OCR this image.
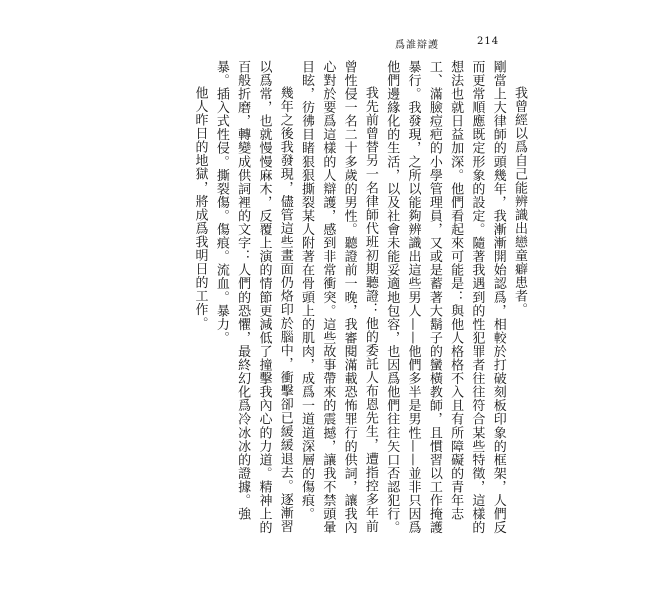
爲誰辯護	214

我曾經以爲自己能辨識出戀童癖患者。

剛當上大律師的頭幾年，我漸漸開始認爲，相較於打破刻板印象的框架，人們反而更常順應既定形象的設定。隨著我遇到的性犯罪者往往符合某些特徵，這樣的想法也就日益加深。他們看起來可能是：與他人格格不入且有所障礙的青年志工、滿臉痘疤的小學管理員，又或是蓄著大鬍子的蠻橫教師，且慣習以工作掩護暴行。我發現，之所以能夠辨識出這些男人——他們多半是男性——並非只因爲他們邊緣化的生活，以及社會未能妥適地包容，也因爲他們往往矢口否認犯行。

我先前曾替另一名律師代班初期聽證：他的委託人布恩先生，遭指控多年前曾性侵一名二十多歲的男性。聽證前一晚，我審閱滿載恐怖罪行的供詞，讓我內心對於要爲這樣的人辯護，感到非常衝突。這些故事帶來的震撼，讓我不禁頭暈目眩，彷彿目睹狠狠撕裂某人附著在骨頭上的肌肉，成爲一道道深層的傷痕。

幾年之後我發現，儘管這些畫面仍烙印於腦中，衝擊卻已緩緩退去。逐漸習以爲常，也就慢慢麻木，反覆上演的情節更減低了撞擊我內心的力道。精神上的百般折磨，轉變成供詞裡的文字：人們的恐懼，最終幻化爲冷冰冰的證據。強暴。插入式性侵。撕裂傷。傷痕。流血。暴力。

他人昨日的地獄，將成爲我明日的工作。
